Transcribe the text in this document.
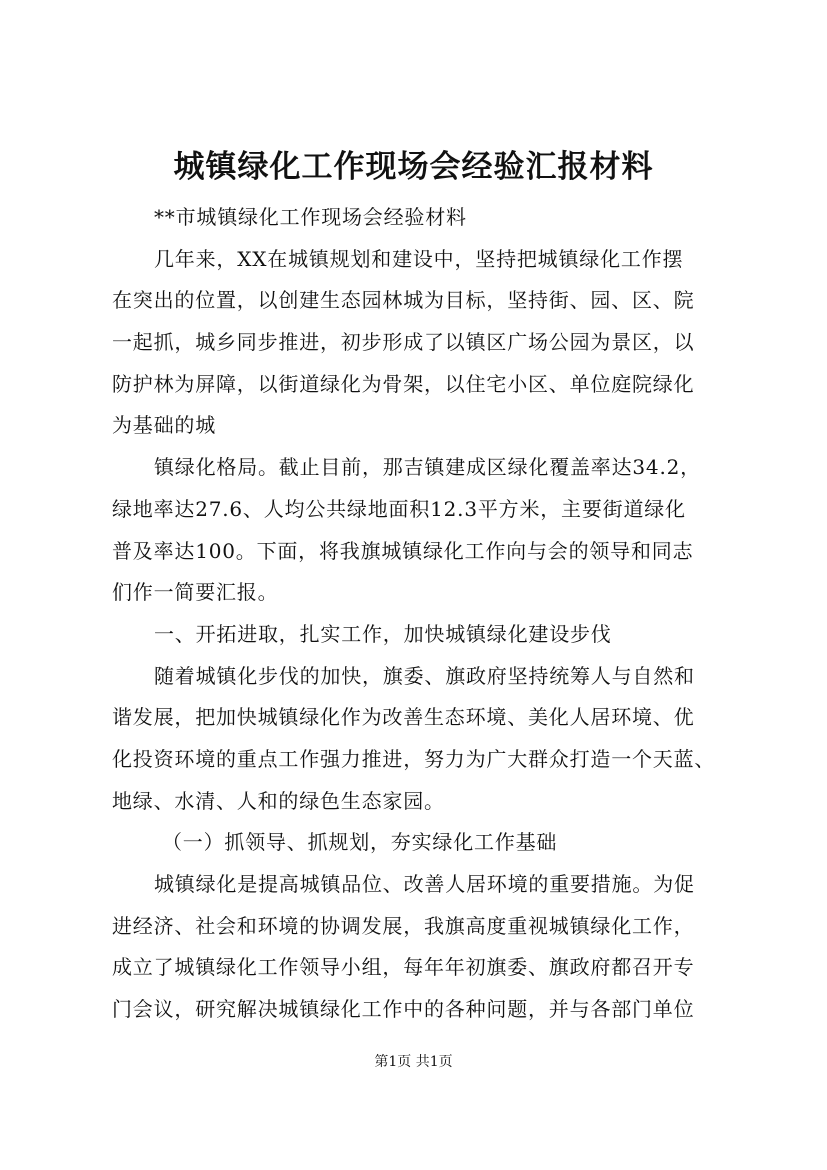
城镇绿化工作现场会经验汇报材料
**市城镇绿化工作现场会经验材料
几年来，XX在城镇规划和建设中，坚持把城镇绿化工作摆
在突出的位置，以创建生态园林城为目标，坚持街、园、区、院
一起抓，城乡同步推进，初步形成了以镇区广场公园为景区，以
防护林为屏障，以街道绿化为骨架，以住宅小区、单位庭院绿化
为基础的城
镇绿化格局。截止目前，那吉镇建成区绿化覆盖率达34.2，
绿地率达27.6、人均公共绿地面积12.3平方米，主要街道绿化
普及率达100。下面，将我旗城镇绿化工作向与会的领导和同志
们作一简要汇报。
一、开拓进取，扎实工作，加快城镇绿化建设步伐
随着城镇化步伐的加快，旗委、旗政府坚持统筹人与自然和
谐发展，把加快城镇绿化作为改善生态环境、美化人居环境、优
化投资环境的重点工作强力推进，努力为广大群众打造一个天蓝、
地绿、水清、人和的绿色生态家园。
（一）抓领导、抓规划，夯实绿化工作基础
城镇绿化是提高城镇品位、改善人居环境的重要措施。为促
进经济、社会和环境的协调发展，我旗高度重视城镇绿化工作，
成立了城镇绿化工作领导小组，每年年初旗委、旗政府都召开专
门会议，研究解决城镇绿化工作中的各种问题，并与各部门单位
第1页 共1页
